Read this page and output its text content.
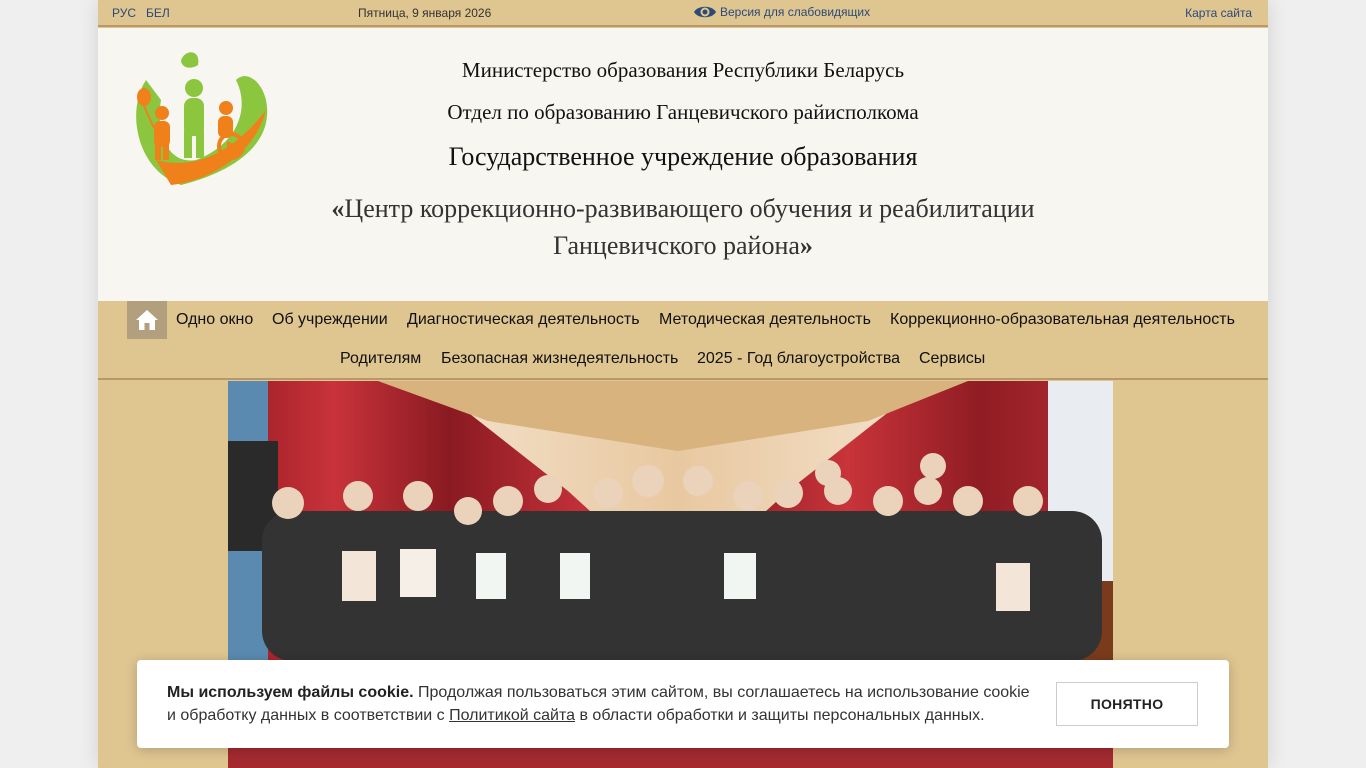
РУС БЕЛ	Пятница, 9 января 2026	Версия для слабовидящих	Карта сайта
Министерство образования Республики Беларусь
Отдел по образованию Ганцевичского райисполкома
Государственное учреждение образования
«Центр коррекционно-развивающего обучения и реабилитации
Ганцевичского района»
Одно окно Об учреждении Диагностическая деятельность Методическая деятельность Коррекционно-образовательная деятельность
Родителям Безопасная жизнедеятельность 2025 - Год благоустройства Сервисы
Мы используем файлы cookie. Продолжая пользоваться этим сайтом, вы соглашаетесь на использование cookie и обработку данных в соответствии с Политикой сайта в области обработки и защиты персональных данных.
ПОНЯТНО
